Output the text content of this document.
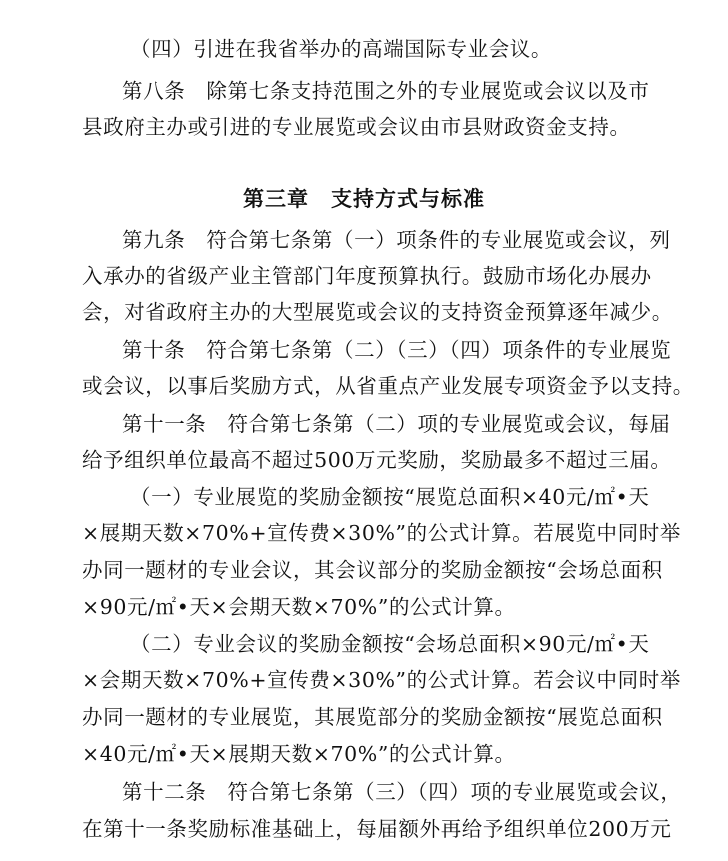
（四）引进在我省举办的高端国际专业会议。
第八条　除第七条支持范围之外的专业展览或会议以及市
县政府主办或引进的专业展览或会议由市县财政资金支持。
第三章　支持方式与标准
第九条　符合第七条第（一）项条件的专业展览或会议，列
入承办的省级产业主管部门年度预算执行。鼓励市场化办展办
会，对省政府主办的大型展览或会议的支持资金预算逐年减少。
第十条　符合第七条第（二）（三）（四）项条件的专业展览
或会议，以事后奖励方式，从省重点产业发展专项资金予以支持。
第十一条　符合第七条第（二）项的专业展览或会议，每届
给予组织单位最高不超过500万元奖励，奖励最多不超过三届。
（一）专业展览的奖励金额按“展览总面积×40元/㎡•天
×展期天数×70%+宣传费×30%”的公式计算。若展览中同时举
办同一题材的专业会议，其会议部分的奖励金额按“会场总面积
×90元/㎡•天×会期天数×70%”的公式计算。
（二）专业会议的奖励金额按“会场总面积×90元/㎡•天
×会期天数×70%+宣传费×30%”的公式计算。若会议中同时举
办同一题材的专业展览，其展览部分的奖励金额按“展览总面积
×40元/㎡•天×展期天数×70%”的公式计算。
第十二条　符合第七条第（三）（四）项的专业展览或会议，
在第十一条奖励标准基础上，每届额外再给予组织单位200万元
